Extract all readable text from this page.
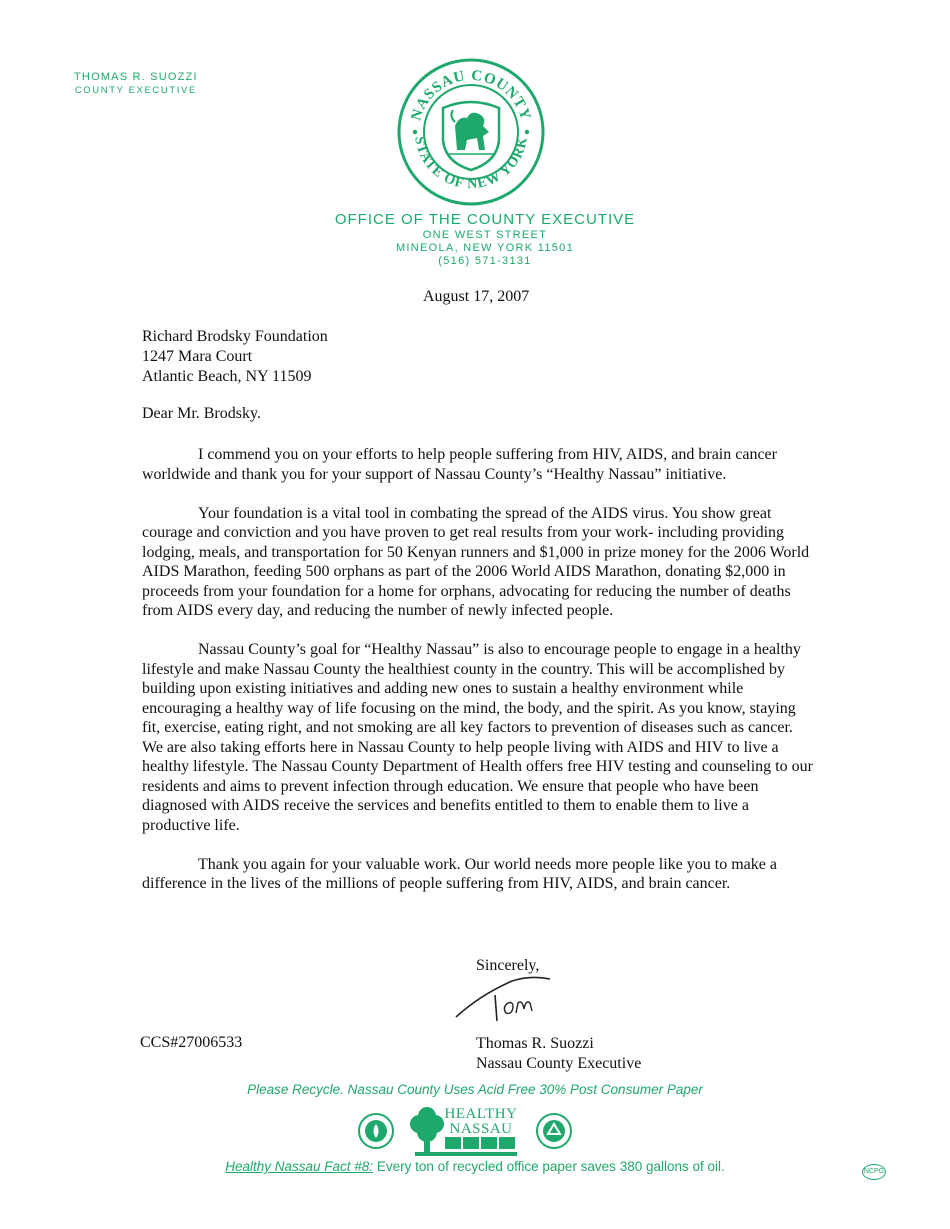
THOMAS R. SUOZZI
COUNTY EXECUTIVE
NASSAU COUNTY
STATE OF NEW YORK
OFFICE OF THE COUNTY EXECUTIVE
ONE WEST STREET
MINEOLA, NEW YORK 11501
(516) 571-3131
August 17, 2007
Richard Brodsky Foundation
1247 Mara Court
Atlantic Beach, NY 11509
Dear Mr. Brodsky.

I commend you on your efforts to help people suffering from HIV, AIDS, and brain cancer worldwide and thank you for your support of Nassau County’s “Healthy Nassau” initiative.

Your foundation is a vital tool in combating the spread of the AIDS virus. You show great courage and conviction and you have proven to get real results from your work- including providing lodging, meals, and transportation for 50 Kenyan runners and $1,000 in prize money for the 2006 World AIDS Marathon, feeding 500 orphans as part of the 2006 World AIDS Marathon, donating $2,000 in proceeds from your foundation for a home for orphans, advocating for reducing the number of deaths from AIDS every day, and reducing the number of newly infected people.

Nassau County’s goal for “Healthy Nassau” is also to encourage people to engage in a healthy lifestyle and make Nassau County the healthiest county in the country. This will be accomplished by building upon existing initiatives and adding new ones to sustain a healthy environment while encouraging a healthy way of life focusing on the mind, the body, and the spirit. As you know, staying fit, exercise, eating right, and not smoking are all key factors to prevention of diseases such as cancer. We are also taking efforts here in Nassau County to help people living with AIDS and HIV to live a healthy lifestyle. The Nassau County Department of Health offers free HIV testing and counseling to our residents and aims to prevent infection through education. We ensure that people who have been diagnosed with AIDS receive the services and benefits entitled to them to enable them to live a productive life.

Thank you again for your valuable work. Our world needs more people like you to make a difference in the lives of the millions of people suffering from HIV, AIDS, and brain cancer.

Sincerely,
Thomas R. Suozzi
Nassau County Executive
CCS#27006533
Please Recycle. Nassau County Uses Acid Free 30% Post Consumer Paper
HEALTHY
NASSAU
Healthy Nassau Fact #8: Every ton of recycled office paper saves 380 gallons of oil.	NCPG
